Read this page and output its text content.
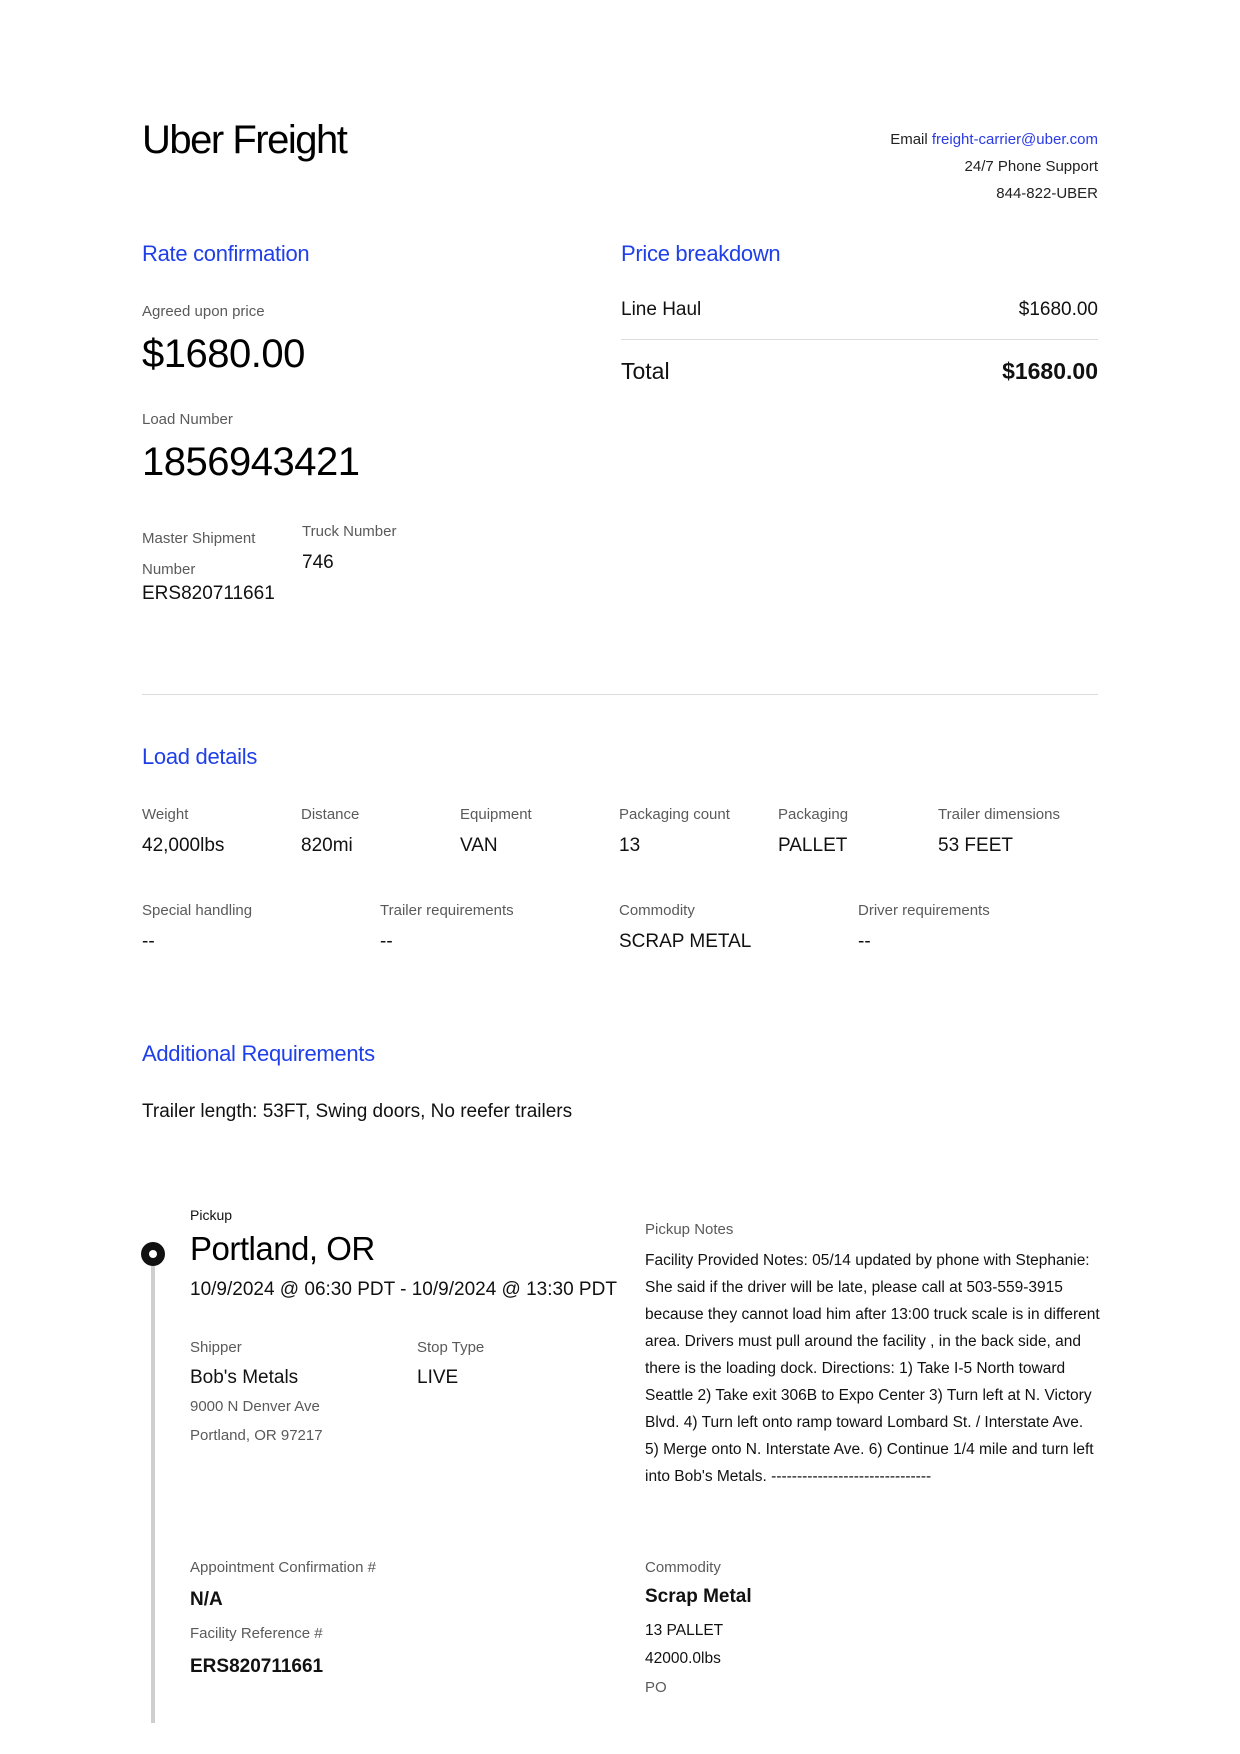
Uber Freight	Email freight-carrier@uber.com
24/7 Phone Support
844-822-UBER
Rate confirmation
Agreed upon price
$1680.00
Load Number
1856943421
Master Shipment
Number
ERS820711661
Truck Number
746
Price breakdown
Line Haul	$1680.00
Total	$1680.00
Load details
Weight
42,000lbs
Distance
820mi
Equipment
VAN
Packaging count
13
Packaging
PALLET
Trailer dimensions
53 FEET
Special handling
--
Trailer requirements
--
Commodity
SCRAP METAL
Driver requirements
--
Additional Requirements
Trailer length: 53FT, Swing doors, No reefer trailers
Pickup
Portland, OR
10/9/2024 @ 06:30 PDT - 10/9/2024 @ 13:30 PDT
Shipper
Bob's Metals
9000 N Denver Ave
Portland, OR 97217
Stop Type
LIVE
Pickup Notes
Facility Provided Notes: 05/14 updated by phone with Stephanie: She said if the driver will be late, please call at 503-559-3915 because they cannot load him after 13:00 truck scale is in different area. Drivers must pull around the facility , in the back side, and there is the loading dock. Directions: 1) Take I-5 North toward Seattle 2) Take exit 306B to Expo Center 3) Turn left at N. Victory Blvd. 4) Turn left onto ramp toward Lombard St. / Interstate Ave. 5) Merge onto N. Interstate Ave. 6) Continue 1/4 mile and turn left into Bob's Metals. -------------------------------
Appointment Confirmation #
N/A
Facility Reference #
ERS820711661
Commodity
Scrap Metal
13 PALLET
42000.0lbs
PO
